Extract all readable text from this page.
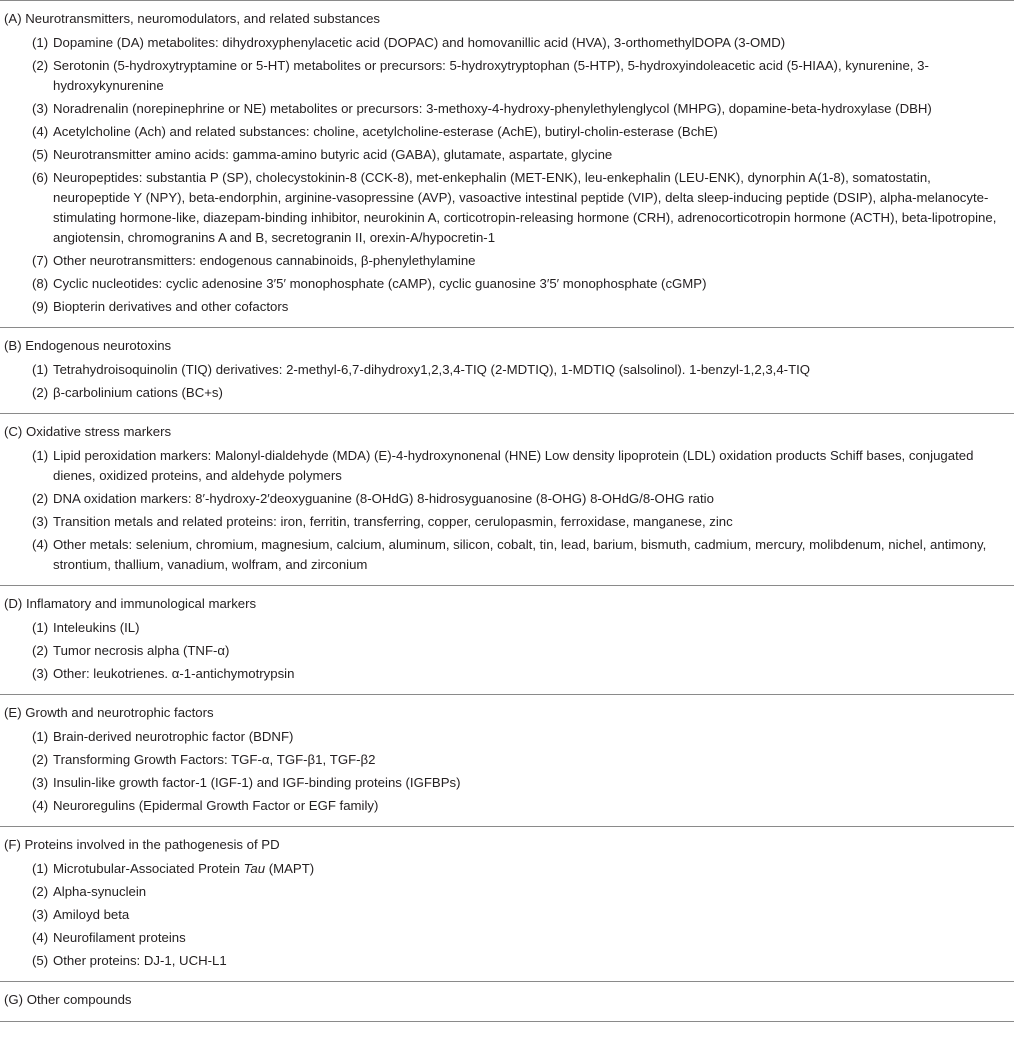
(A) Neurotransmitters, neuromodulators, and related substances
(1) Dopamine (DA) metabolites: dihydroxyphenylacetic acid (DOPAC) and homovanillic acid (HVA), 3-orthomethylDOPA (3-OMD)
(2) Serotonin (5-hydroxytryptamine or 5-HT) metabolites or precursors: 5-hydroxytryptophan (5-HTP), 5-hydroxyindoleacetic acid (5-HIAA), kynurenine, 3-hydroxykynurenine
(3) Noradrenalin (norepinephrine or NE) metabolites or precursors: 3-methoxy-4-hydroxy-phenylethylenglycol (MHPG), dopamine-beta-hydroxylase (DBH)
(4) Acetylcholine (Ach) and related substances: choline, acetylcholine-esterase (AchE), butiryl-cholin-esterase (BchE)
(5) Neurotransmitter amino acids: gamma-amino butyric acid (GABA), glutamate, aspartate, glycine
(6) Neuropeptides: substantia P (SP), cholecystokinin-8 (CCK-8), met-enkephalin (MET-ENK), leu-enkephalin (LEU-ENK), dynorphin A(1-8), somatostatin, neuropeptide Y (NPY), beta-endorphin, arginine-vasopressine (AVP), vasoactive intestinal peptide (VIP), delta sleep-inducing peptide (DSIP), alpha-melanocyte-stimulating hormone-like, diazepam-binding inhibitor, neurokinin A, corticotropin-releasing hormone (CRH), adrenocorticotropin hormone (ACTH), beta-lipotropine, angiotensin, chromogranins A and B, secretogranin II, orexin-A/hypocretin-1
(7) Other neurotransmitters: endogenous cannabinoids, β-phenylethylamine
(8) Cyclic nucleotides: cyclic adenosine 3′5′ monophosphate (cAMP), cyclic guanosine 3′5′ monophosphate (cGMP)
(9) Biopterin derivatives and other cofactors
(B) Endogenous neurotoxins
(1) Tetrahydroisoquinolin (TIQ) derivatives: 2-methyl-6,7-dihydroxy1,2,3,4-TIQ (2-MDTIQ), 1-MDTIQ (salsolinol). 1-benzyl-1,2,3,4-TIQ
(2) β-carbolinium cations (BC+s)
(C) Oxidative stress markers
(1) Lipid peroxidation markers: Malonyl-dialdehyde (MDA) (E)-4-hydroxynonenal (HNE) Low density lipoprotein (LDL) oxidation products Schiff bases, conjugated dienes, oxidized proteins, and aldehyde polymers
(2) DNA oxidation markers: 8′-hydroxy-2′deoxyguanine (8-OHdG) 8-hidrosyguanosine (8-OHG) 8-OHdG/8-OHG ratio
(3) Transition metals and related proteins: iron, ferritin, transferring, copper, cerulopasmin, ferroxidase, manganese, zinc
(4) Other metals: selenium, chromium, magnesium, calcium, aluminum, silicon, cobalt, tin, lead, barium, bismuth, cadmium, mercury, molibdenum, nichel, antimony, strontium, thallium, vanadium, wolfram, and zirconium
(D) Inflamatory and immunological markers
(1) Inteleukins (IL)
(2) Tumor necrosis alpha (TNF-α)
(3) Other: leukotrienes. α-1-antichymotrypsin
(E) Growth and neurotrophic factors
(1) Brain-derived neurotrophic factor (BDNF)
(2) Transforming Growth Factors: TGF-α, TGF-β1, TGF-β2
(3) Insulin-like growth factor-1 (IGF-1) and IGF-binding proteins (IGFBPs)
(4) Neuroregulins (Epidermal Growth Factor or EGF family)
(F) Proteins involved in the pathogenesis of PD
(1) Microtubular-Associated Protein Tau (MAPT)
(2) Alpha-synuclein
(3) Amiloyd beta
(4) Neurofilament proteins
(5) Other proteins: DJ-1, UCH-L1
(G) Other compounds
